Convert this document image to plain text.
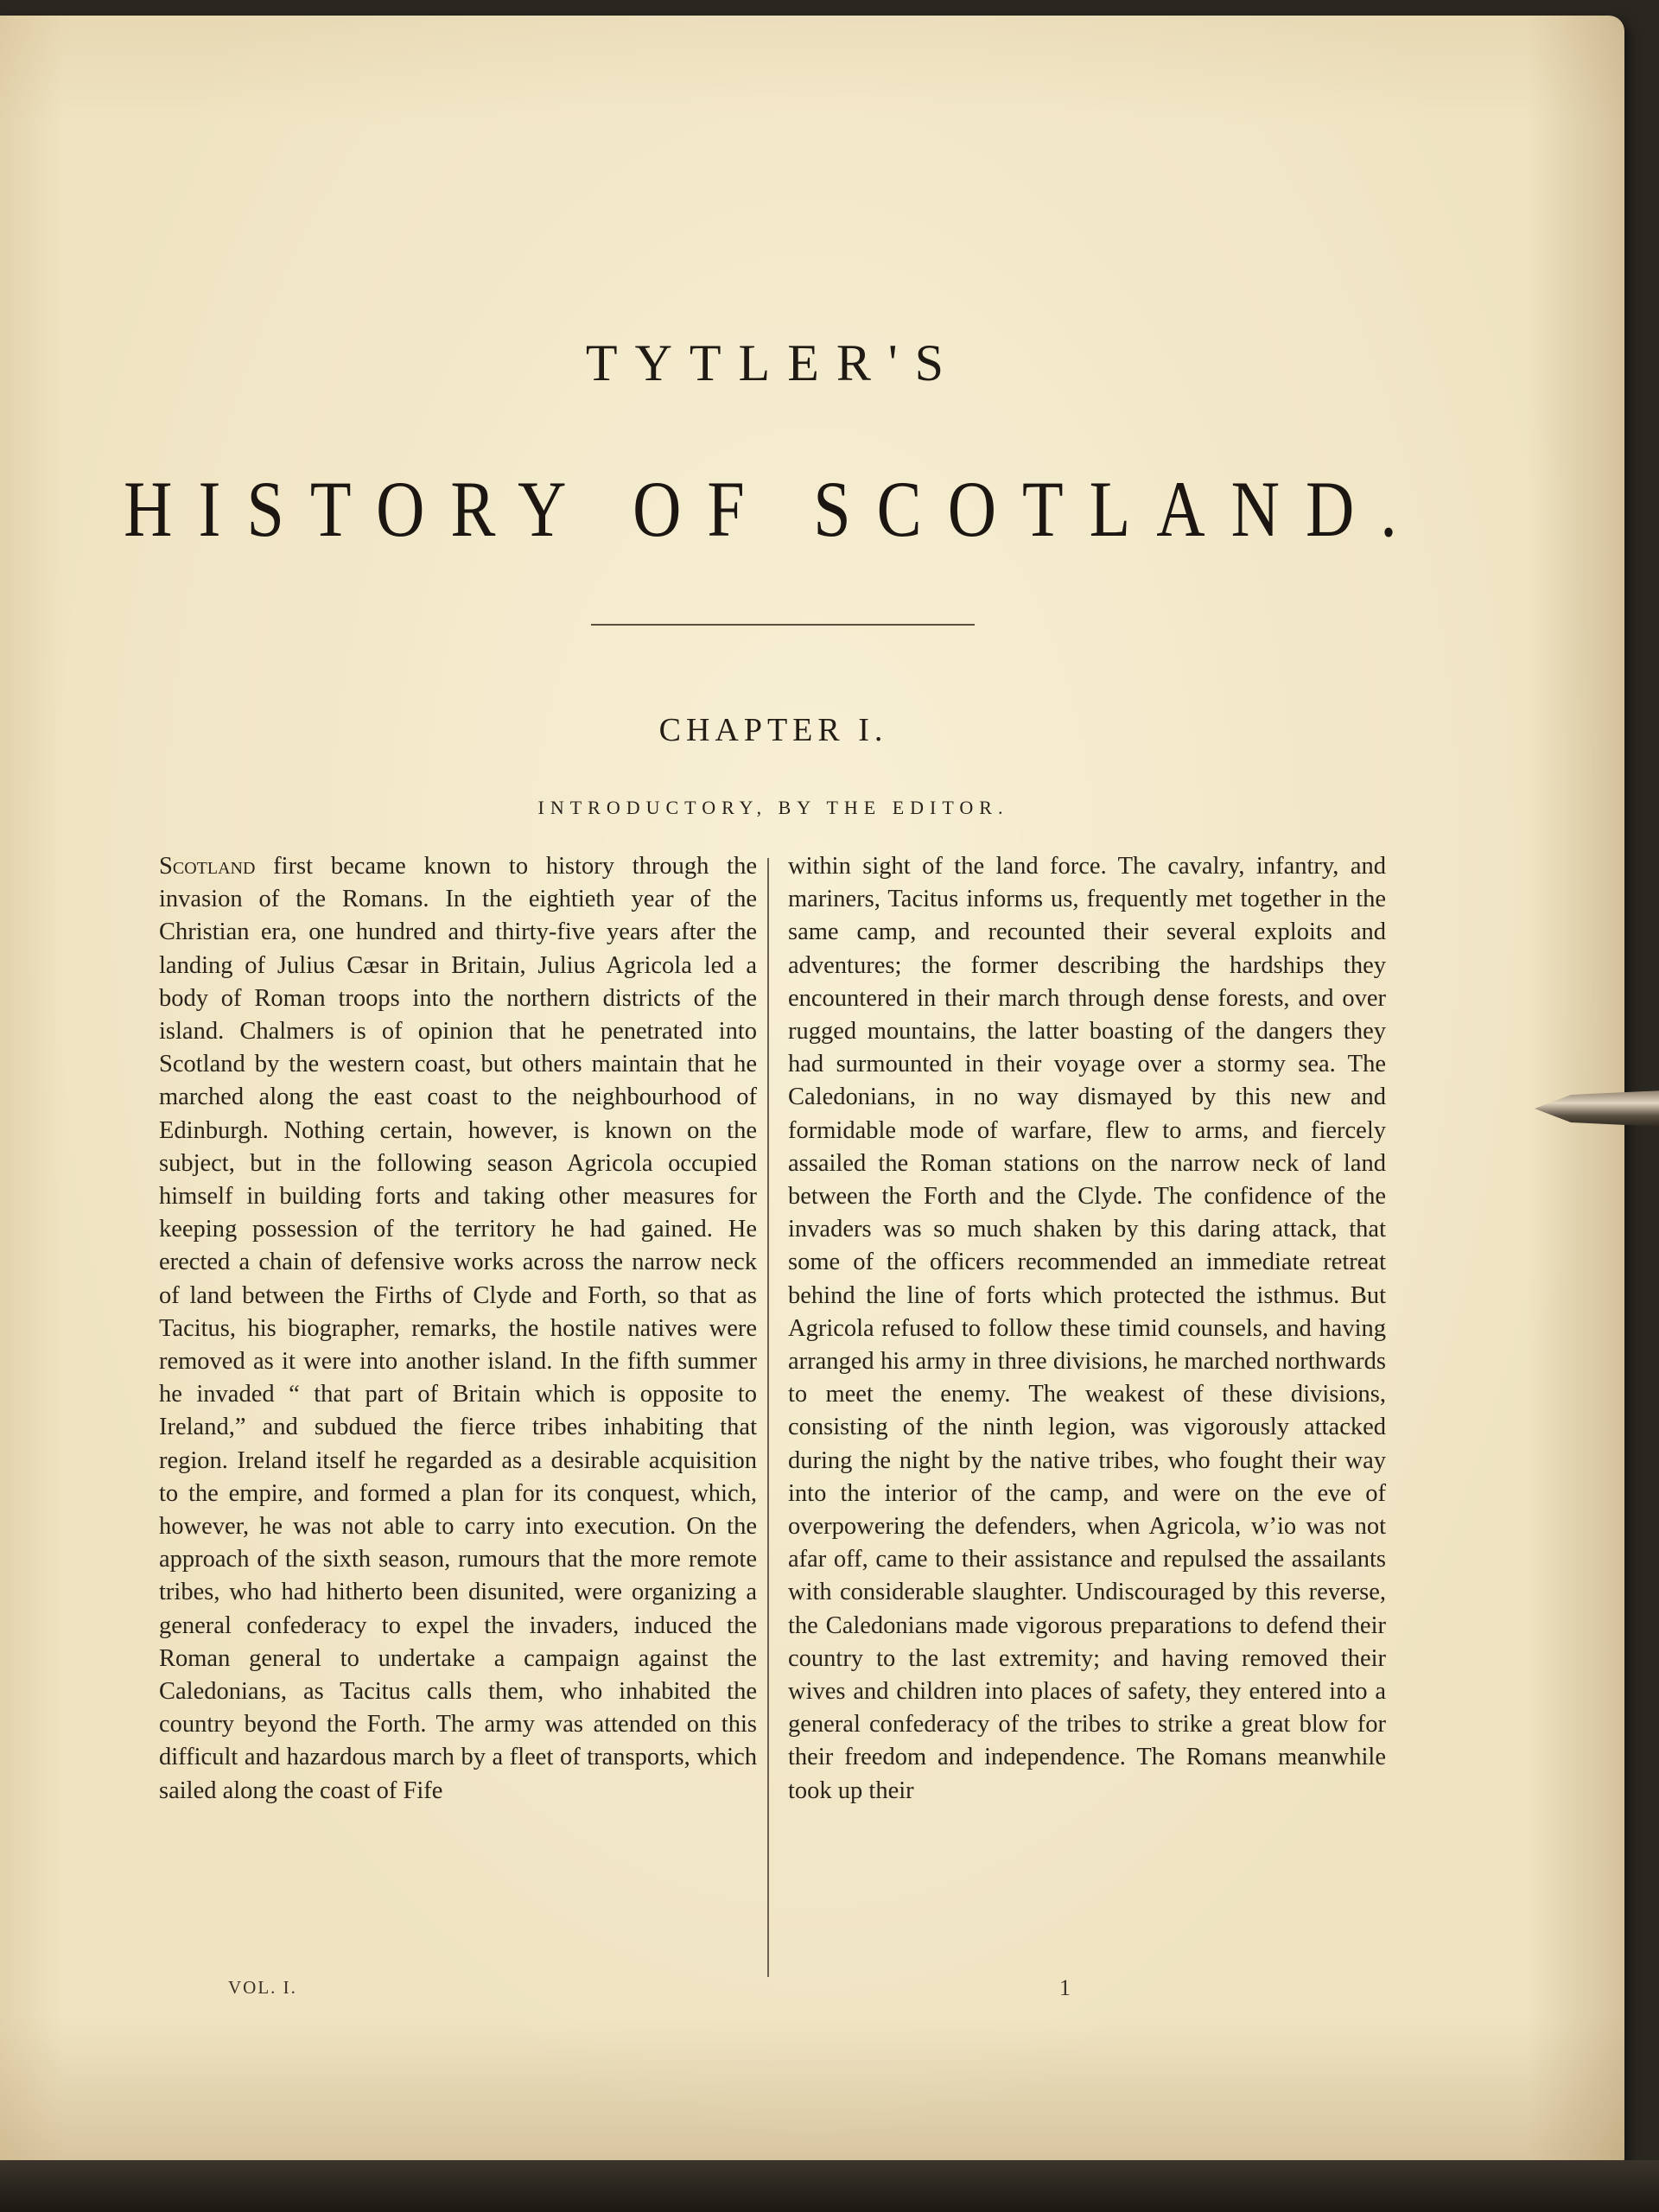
TYTLER'S
HISTORY OF SCOTLAND.
CHAPTER I.
INTRODUCTORY, BY THE EDITOR.
Scotland first became known to history through the invasion of the Romans. In the eightieth year of the Christian era, one hundred and thirty-five years after the landing of Julius Cæsar in Britain, Julius Agricola led a body of Roman troops into the northern districts of the island. Chalmers is of opinion that he penetrated into Scotland by the western coast, but others maintain that he marched along the east coast to the neighbourhood of Edinburgh. Nothing certain, however, is known on the subject, but in the following season Agricola occupied himself in building forts and taking other measures for keeping possession of the territory he had gained. He erected a chain of defensive works across the narrow neck of land between the Firths of Clyde and Forth, so that as Tacitus, his biographer, remarks, the hostile natives were removed as it were into another island. In the fifth summer he invaded “ that part of Britain which is opposite to Ireland,” and subdued the fierce tribes inhabiting that region. Ireland itself he regarded as a desirable acquisition to the empire, and formed a plan for its conquest, which, however, he was not able to carry into execution. On the approach of the sixth season, rumours that the more remote tribes, who had hitherto been disunited, were organizing a general confederacy to expel the invaders, induced the Roman general to undertake a campaign against the Caledonians, as Tacitus calls them, who inhabited the country beyond the Forth. The army was attended on this difficult and hazardous march by a fleet of transports, which sailed along the coast of Fife
within sight of the land force. The cavalry, infantry, and mariners, Tacitus informs us, frequently met together in the same camp, and recounted their several exploits and adventures; the former describing the hardships they encountered in their march through dense forests, and over rugged mountains, the latter boasting of the dangers they had surmounted in their voyage over a stormy sea. The Caledonians, in no way dismayed by this new and formidable mode of warfare, flew to arms, and fiercely assailed the Roman stations on the narrow neck of land between the Forth and the Clyde. The confidence of the invaders was so much shaken by this daring attack, that some of the officers recommended an immediate retreat behind the line of forts which protected the isthmus. But Agricola refused to follow these timid counsels, and having arranged his army in three divisions, he marched northwards to meet the enemy. The weakest of these divisions, consisting of the ninth legion, was vigorously attacked during the night by the native tribes, who fought their way into the interior of the camp, and were on the eve of overpowering the defenders, when Agricola, w’io was not afar off, came to their assistance and repulsed the assailants with considerable slaughter. Undiscouraged by this reverse, the Caledonians made vigorous preparations to defend their country to the last extremity; and having removed their wives and children into places of safety, they entered into a general confederacy of the tribes to strike a great blow for their freedom and independence. The Romans meanwhile took up their
VOL. I.	1
